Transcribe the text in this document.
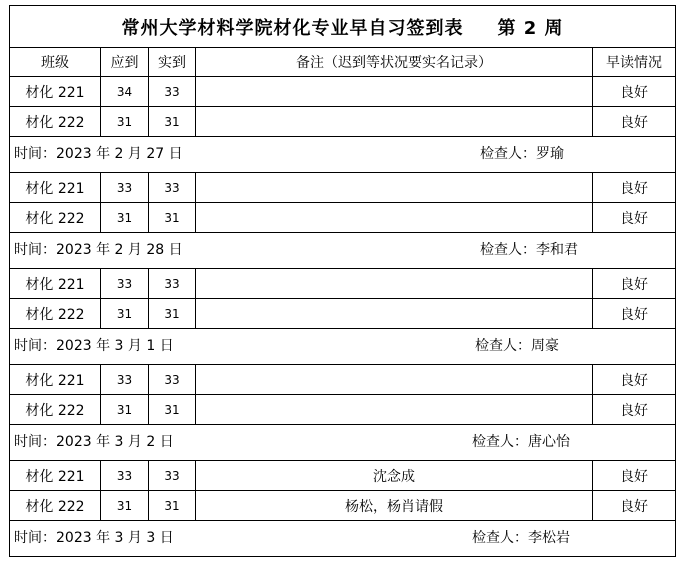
常州大学材料学院材化专业早自习签到表 第 2 周				
班级	应到	实到	备注（迟到等状况要实名记录）	早读情况
材化 221	34	33		良好
材化 222	31	31		良好

时间：2023 年 2 月 27 日 检查人：罗瑜				

材化 221	33	33		良好
材化 222	31	31		良好

时间：2023 年 2 月 28 日 检查人：李和君				

材化 221	33	33		良好
材化 222	31	31		良好

时间：2023 年 3 月 1 日 检查人：周豪				

材化 221	33	33		良好
材化 222	31	31		良好

时间：2023 年 3 月 2 日 检查人：唐心怡				

材化 221	33	33	沈念成	良好
材化 222	31	31	杨松，杨肖请假	良好

时间：2023 年 3 月 3 日 检查人：李松岩				
